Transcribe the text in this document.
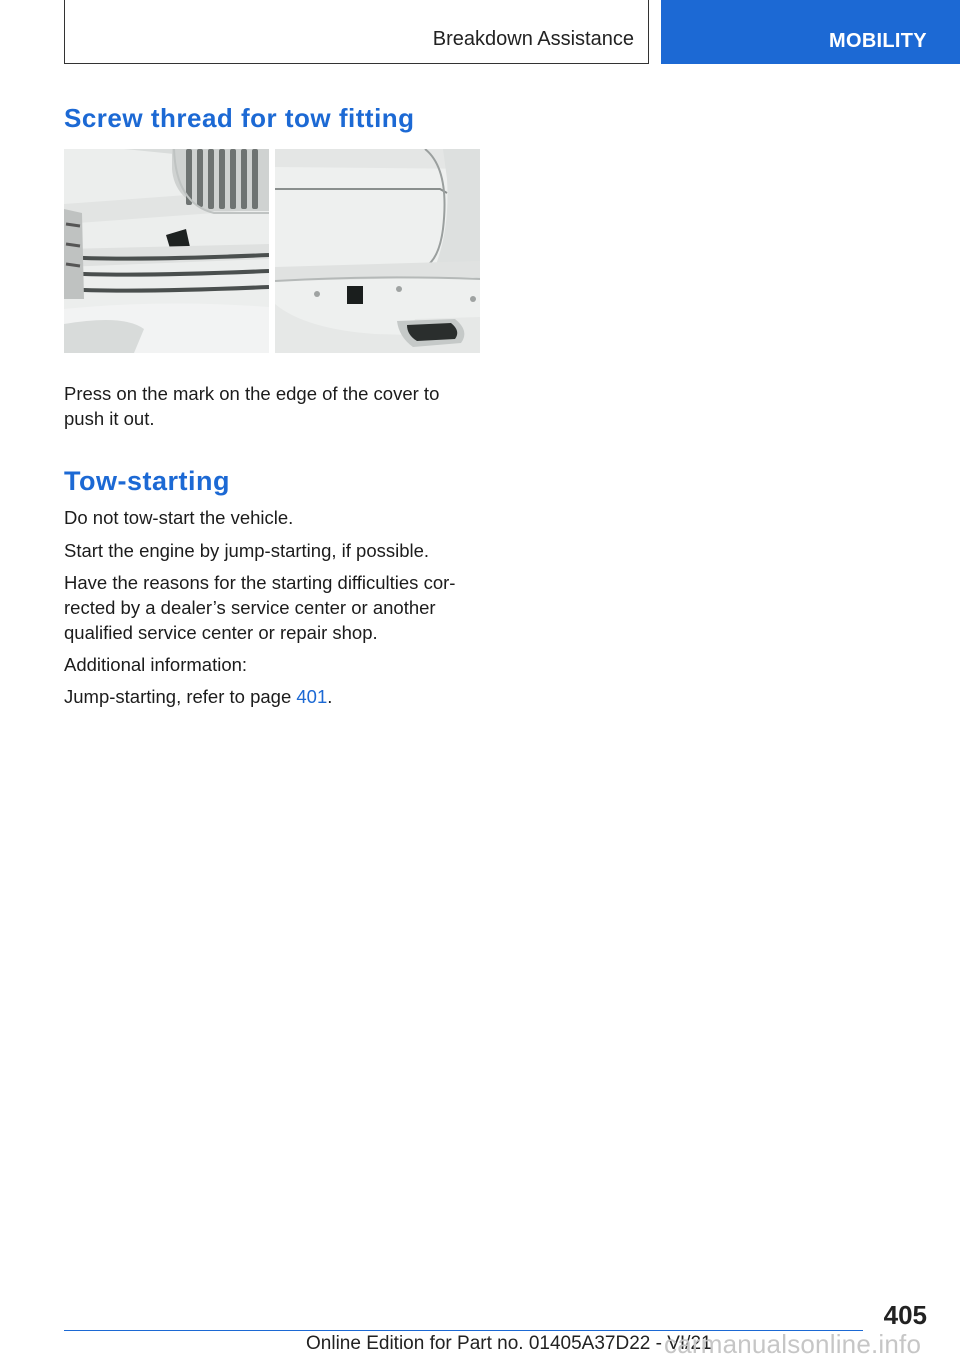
Breakdown Assistance	MOBILITY
Screw thread for tow fitting

Press on the mark on the edge of the cover to push it out.

Tow-starting

Do not tow-start the vehicle.

Start the engine by jump-starting, if possible.

Have the reasons for the starting difficulties cor-
rected by a dealer’s service center or another
qualified service center or repair shop.

Additional information:

Jump-starting, refer to page 401.

405
Online Edition for Part no. 01405A37D22 - VI/21
carmanualsonline.info
